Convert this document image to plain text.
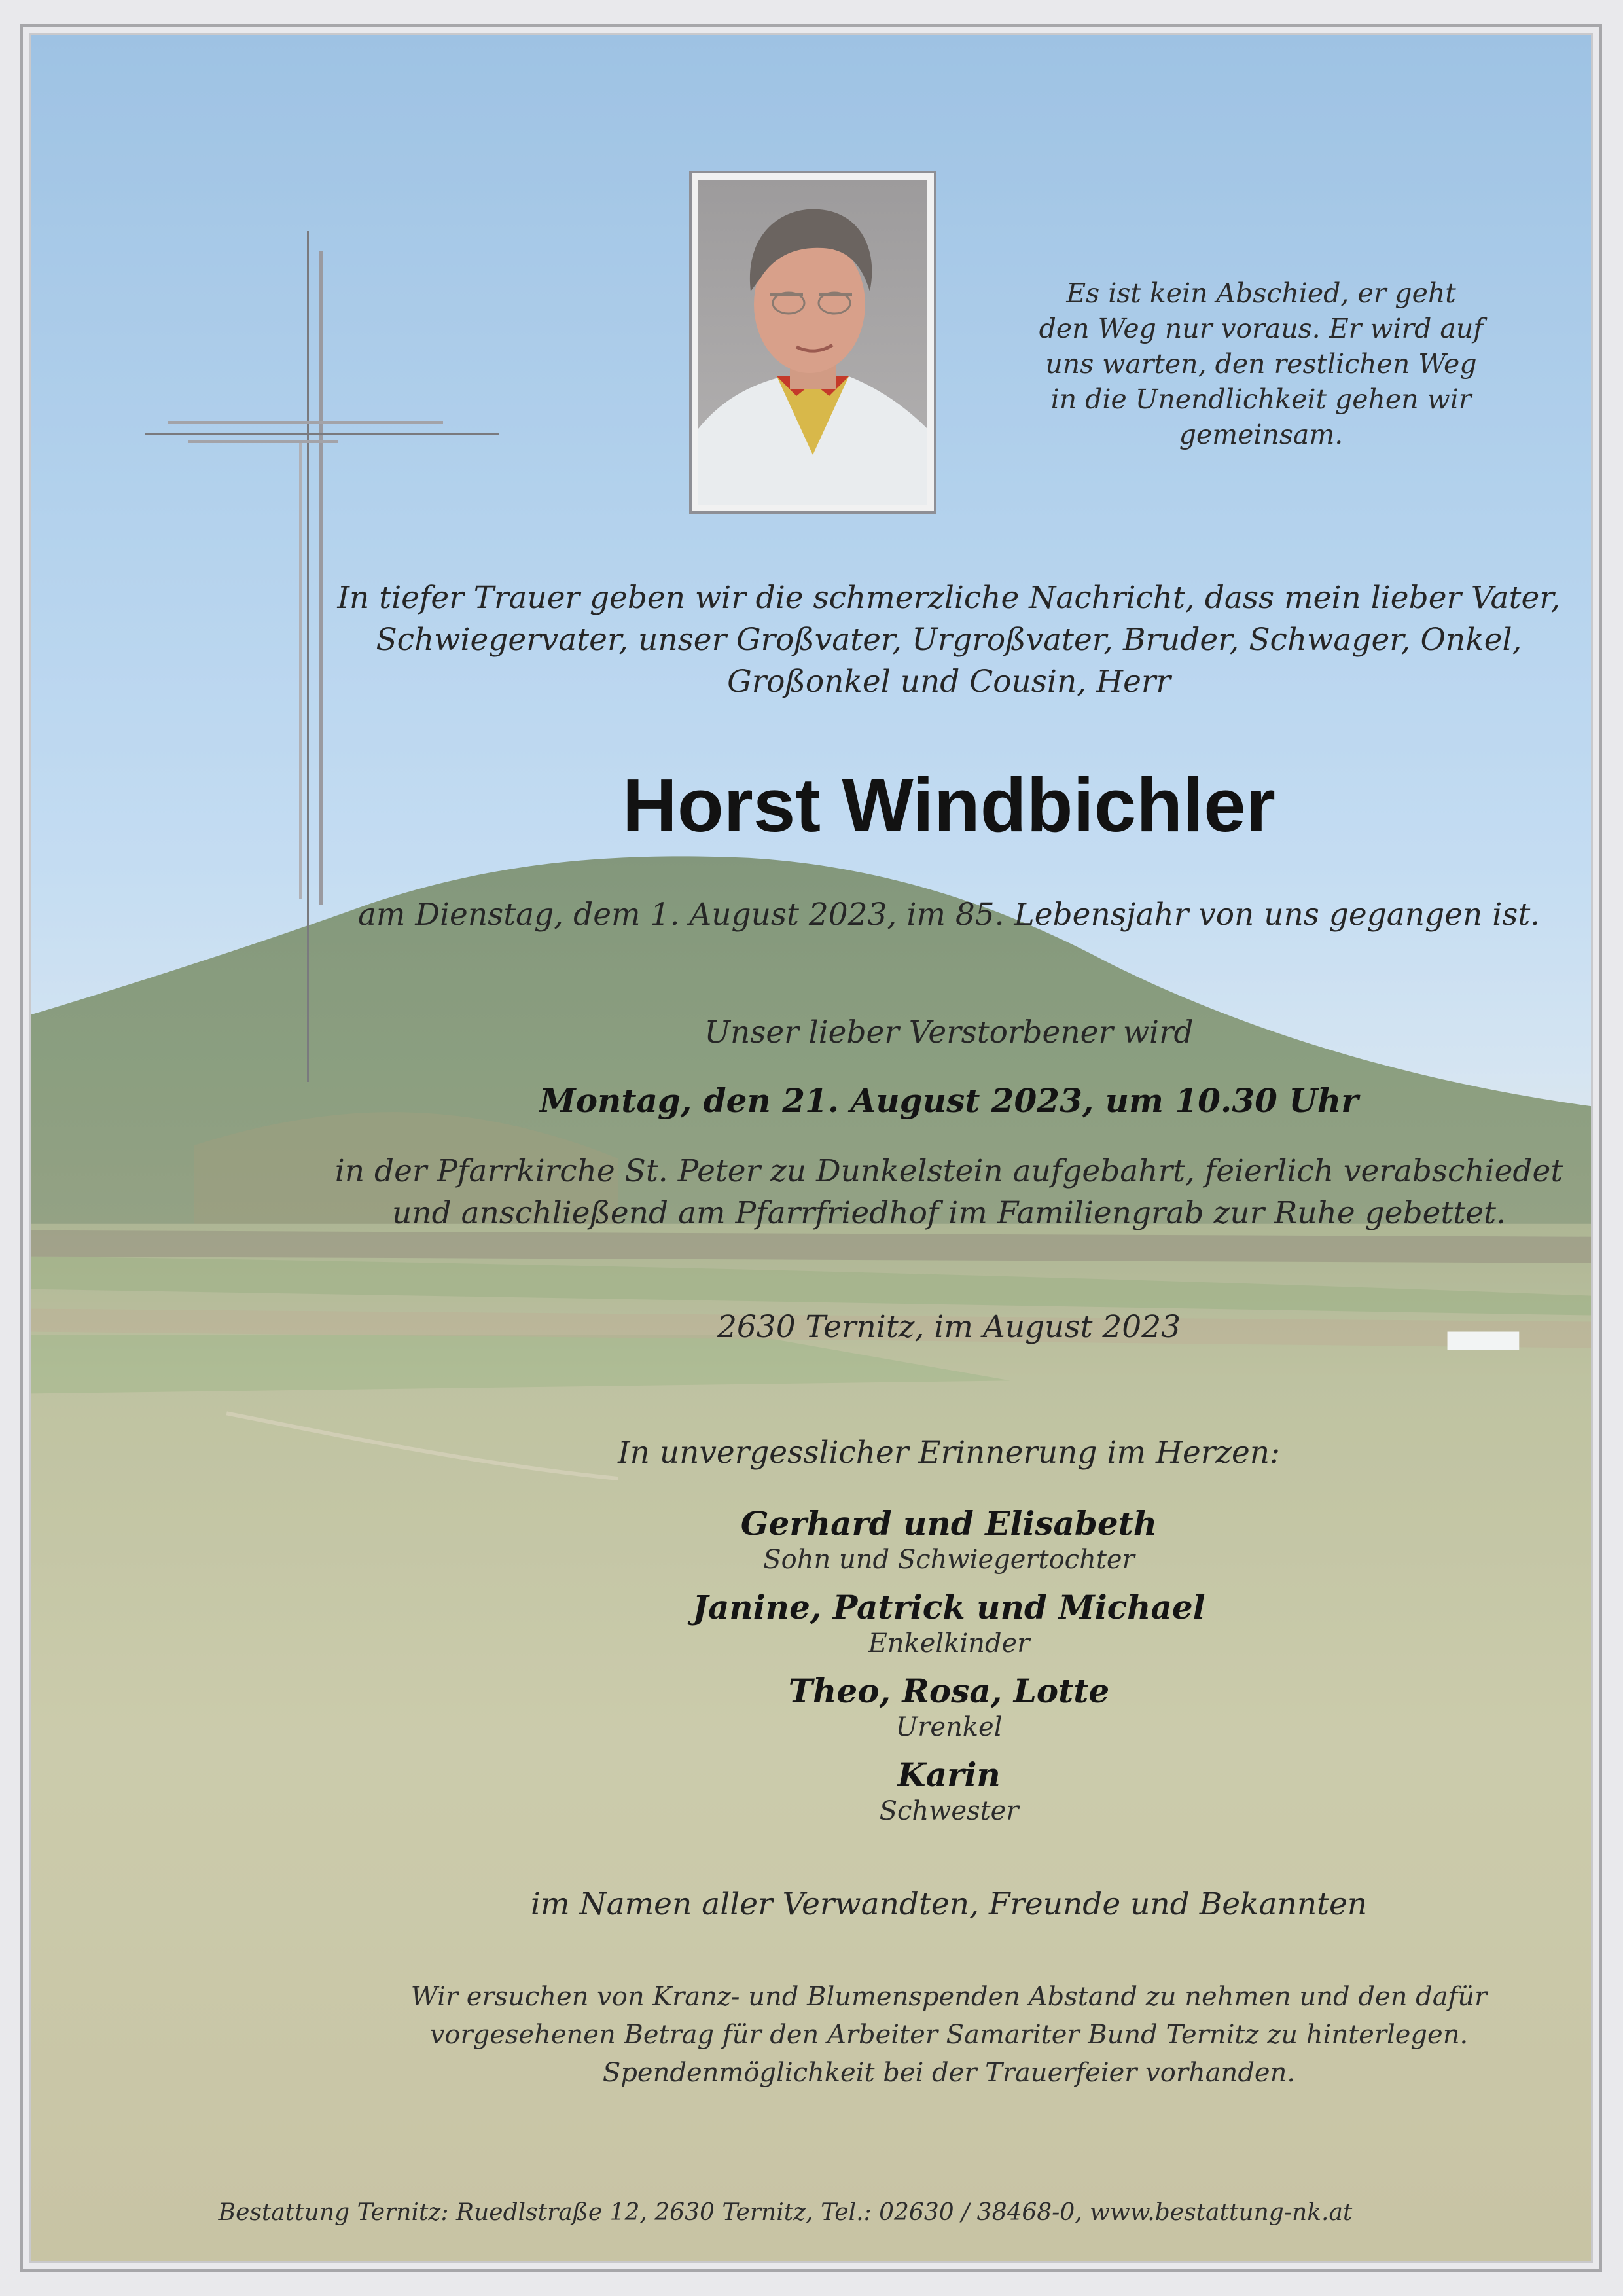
Es ist kein Abschied, er geht den Weg nur voraus. Er wird auf uns warten, den restlichen Weg in die Unendlichkeit gehen wir gemeinsam.
In tiefer Trauer geben wir die schmerzliche Nachricht, dass mein lieber Vater, Schwiegervater, unser Großvater, Urgroßvater, Bruder, Schwager, Onkel, Großonkel und Cousin, Herr
Horst Windbichler
am Dienstag, dem 1. August 2023, im 85. Lebensjahr von uns gegangen ist.
Unser lieber Verstorbener wird
Montag, den 21. August 2023, um 10.30 Uhr
in der Pfarrkirche St. Peter zu Dunkelstein aufgebahrt, feierlich verabschiedet und anschließend am Pfarrfriedhof im Familiengrab zur Ruhe gebettet.
2630 Ternitz, im August 2023
In unvergesslicher Erinnerung im Herzen:
Gerhard und Elisabeth
Sohn und Schwiegertochter
Janine, Patrick und Michael
Enkelkinder
Theo, Rosa, Lotte
Urenkel
Karin
Schwester
im Namen aller Verwandten, Freunde und Bekannten
Wir ersuchen von Kranz- und Blumenspenden Abstand zu nehmen und den dafür vorgesehenen Betrag für den Arbeiter Samariter Bund Ternitz zu hinterlegen. Spendenmöglichkeit bei der Trauerfeier vorhanden.
Bestattung Ternitz: Ruedlstraße 12, 2630 Ternitz, Tel.: 02630 / 38468-0, www.bestattung-nk.at
